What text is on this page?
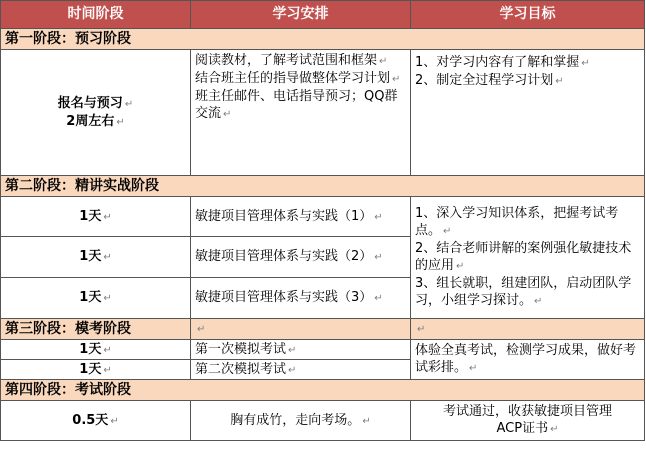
时间阶段	学习安排	学习目标
第一阶段：预习阶段		
报名与预习 ↵
2周左右 ↵	阅读教材，了解考试范围和框架 ↵
结合班主任的指导做整体学习计划 ↵
班主任邮件、电话指导预习；QQ群交流 ↵	1、对学习内容有了解和掌握 ↵
2、制定全过程学习计划 ↵
第二阶段：精讲实战阶段		
1天 ↵	敏捷项目管理体系与实践（1） ↵	1、深入学习知识体系，把握考试考点。 ↵
2、结合老师讲解的案例强化敏捷技术的应用 ↵
3、组长就职，组建团队，启动团队学习，小组学习探讨。 ↵
1天 ↵	敏捷项目管理体系与实践（2） ↵	
1天 ↵	敏捷项目管理体系与实践（3） ↵	
第三阶段：模考阶段	↵	↵
1天 ↵	第一次模拟考试 ↵	体验全真考试，检测学习成果，做好考试彩排。 ↵
1天 ↵	第二次模拟考试 ↵	
第四阶段：考试阶段		
0.5天 ↵	胸有成竹，走向考场。 ↵	考试通过，收获敏捷项目管理
ACP证书 ↵
